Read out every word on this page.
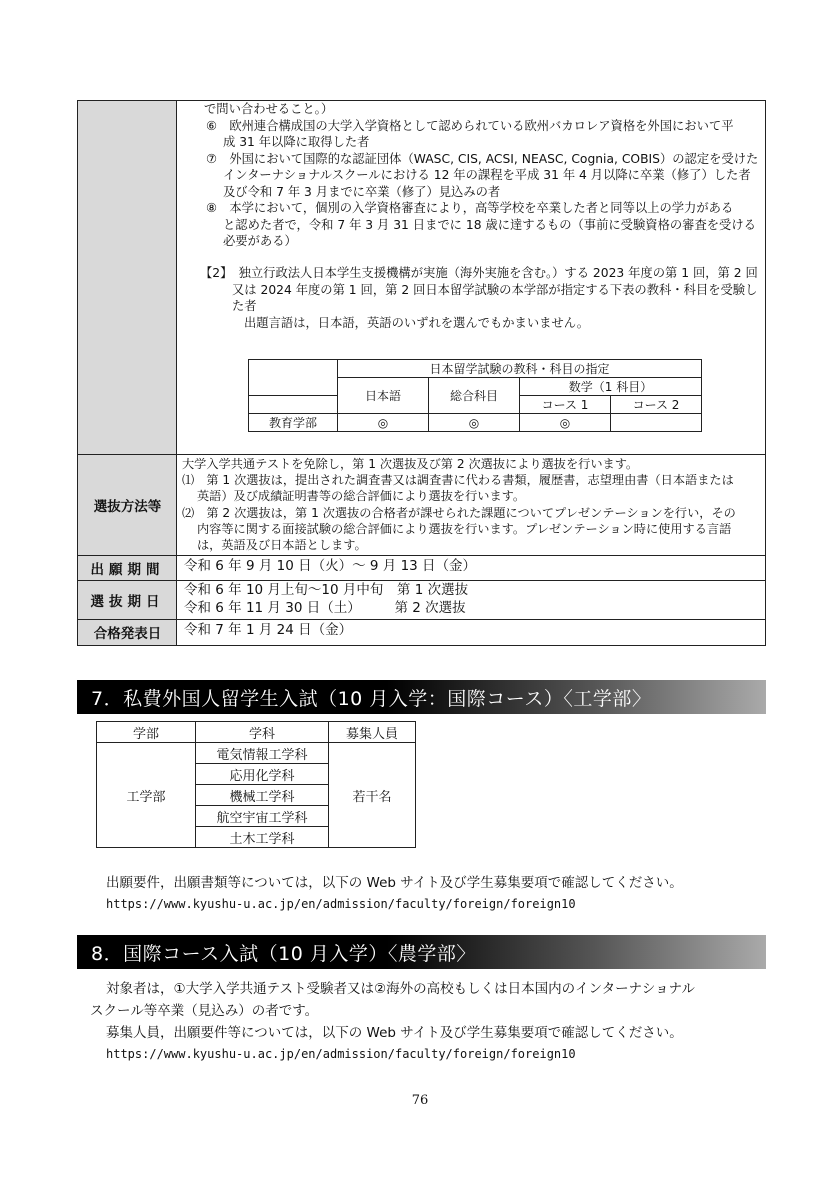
で問い合わせること。）
⑥　欧州連合構成国の大学入学資格として認められている欧州バカロレア資格を外国において平
成 31 年以降に取得した者
⑦　外国において国際的な認証団体（WASC, CIS, ACSI, NEASC, Cognia, COBIS）の認定を受けた
インターナショナルスクールにおける 12 年の課程を平成 31 年 4 月以降に卒業（修了）した者
及び令和 7 年 3 月までに卒業（修了）見込みの者
⑧　本学において，個別の入学資格審査により，高等学校を卒業した者と同等以上の学力がある
と認めた者で，令和 7 年 3 月 31 日までに 18 歳に達するもの（事前に受験資格の審査を受ける
必要がある）
【2】　独立行政法人日本学生支援機構が実施（海外実施を含む。）する 2023 年度の第 1 回，第 2 回
又は 2024 年度の第 1 回，第 2 回日本留学試験の本学部が指定する下表の教科・科目を受験し
た者
出題言語は，日本語，英語のいずれを選んでもかまいません。
	日本留学試験の教科・科目の指定			
	日本語	総合科目	数学（1 科目）	
			コース 1	コース 2
教育学部	◎	◎	◎	
選抜方法等
大学入学共通テストを免除し，第 1 次選抜及び第 2 次選抜により選抜を行います。
⑴　第 1 次選抜は，提出された調査書又は調査書に代わる書類，履歴書，志望理由書（日本語または
英語）及び成績証明書等の総合評価により選抜を行います。
⑵　第 2 次選抜は，第 1 次選抜の合格者が課せられた課題についてプレゼンテーションを行い，その
内容等に関する面接試験の総合評価により選抜を行います。プレゼンテーション時に使用する言語
は，英語及び日本語とします。
出願期間	令和 6 年 9 月 10 日（火）～ 9 月 13 日（金）
選抜期日
令和 6 年 10 月上旬～10 月中旬　第 1 次選抜
令和 6 年 11 月 30 日（土）　　　第 2 次選抜
合格発表日	令和 7 年 1 月 24 日（金）
7．私費外国人留学生入試（10 月入学：国際コース）〈工学部〉
学部	学科	募集人員
工学部	電気情報工学科	若干名
	応用化学科	
	機械工学科	
	航空宇宙工学科	
	土木工学科	
出願要件，出願書類等については，以下の Web サイト及び学生募集要項で確認してください。
https://www.kyushu-u.ac.jp/en/admission/faculty/foreign/foreign10
8．国際コース入試（10 月入学）〈農学部〉
対象者は，①大学入学共通テスト受験者又は②海外の高校もしくは日本国内のインターナショナル
スクール等卒業（見込み）の者です。
募集人員，出願要件等については，以下の Web サイト及び学生募集要項で確認してください。
https://www.kyushu-u.ac.jp/en/admission/faculty/foreign/foreign10
76
